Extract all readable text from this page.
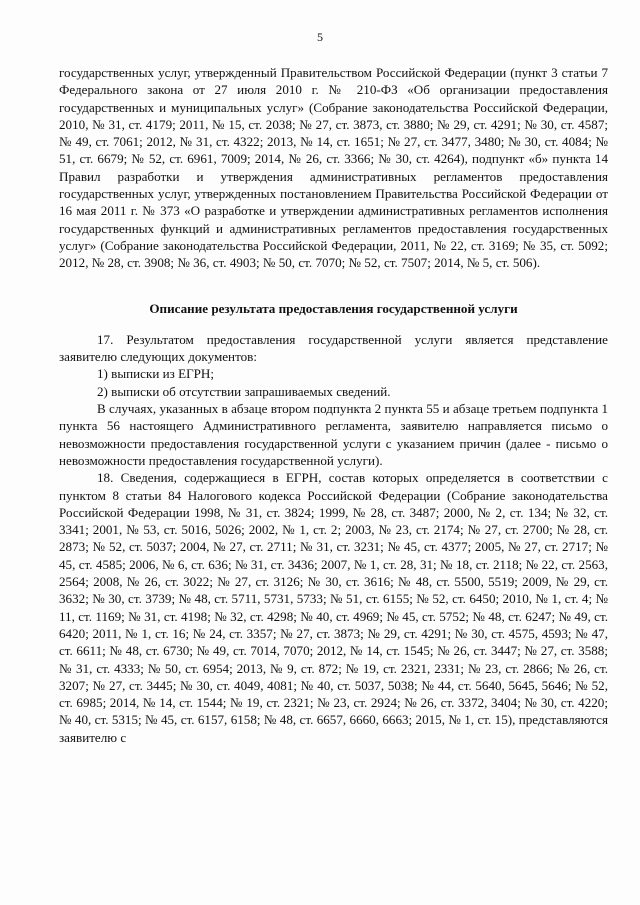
5

государственных услуг, утвержденный Правительством Российской Федерации (пункт 3 статьи 7 Федерального закона от 27 июля 2010 г. № 210-ФЗ «Об организации предоставления государственных и муниципальных услуг» (Собрание законодательства Российской Федерации, 2010, № 31, ст. 4179; 2011, № 15, ст. 2038; № 27, ст. 3873, ст. 3880; № 29, ст. 4291; № 30, ст. 4587; № 49, ст. 7061; 2012, № 31, ст. 4322; 2013, № 14, ст. 1651; № 27, ст. 3477, 3480; № 30, ст. 4084; № 51, ст. 6679; № 52, ст. 6961, 7009; 2014, № 26, ст. 3366; № 30, ст. 4264), подпункт «б» пункта 14 Правил разработки и утверждения административных регламентов предоставления государственных услуг, утвержденных постановлением Правительства Российской Федерации от 16 мая 2011 г. № 373 «О разработке и утверждении административных регламентов исполнения государственных функций и административных регламентов предоставления государственных услуг» (Собрание законодательства Российской Федерации, 2011, № 22, ст. 3169; № 35, ст. 5092; 2012, № 28, ст. 3908; № 36, ст. 4903; № 50, ст. 7070; № 52, ст. 7507; 2014, № 5, ст. 506).

Описание результата предоставления государственной услуги

17. Результатом предоставления государственной услуги является представление заявителю следующих документов:

1) выписки из ЕГРН;

2) выписки об отсутствии запрашиваемых сведений.

В случаях, указанных в абзаце втором подпункта 2 пункта 55 и абзаце третьем подпункта 1 пункта 56 настоящего Административного регламента, заявителю направляется письмо о невозможности предоставления государственной услуги с указанием причин (далее - письмо о невозможности предоставления государственной услуги).

18. Сведения, содержащиеся в ЕГРН, состав которых определяется в соответствии с пунктом 8 статьи 84 Налогового кодекса Российской Федерации (Собрание законодательства Российской Федерации 1998, № 31, ст. 3824; 1999, № 28, ст. 3487; 2000, № 2, ст. 134; № 32, ст. 3341; 2001, № 53, ст. 5016, 5026; 2002, № 1, ст. 2; 2003, № 23, ст. 2174; № 27, ст. 2700; № 28, ст. 2873; № 52, ст. 5037; 2004, № 27, ст. 2711; № 31, ст. 3231; № 45, ст. 4377; 2005, № 27, ст. 2717; № 45, ст. 4585; 2006, № 6, ст. 636; № 31, ст. 3436; 2007, № 1, ст. 28, 31; № 18, ст. 2118; № 22, ст. 2563, 2564; 2008, № 26, ст. 3022; № 27, ст. 3126; № 30, ст. 3616; № 48, ст. 5500, 5519; 2009, № 29, ст. 3632; № 30, ст. 3739; № 48, ст. 5711, 5731, 5733; № 51, ст. 6155; № 52, ст. 6450; 2010, № 1, ст. 4; № 11, ст. 1169; № 31, ст. 4198; № 32, ст. 4298; № 40, ст. 4969; № 45, ст. 5752; № 48, ст. 6247; № 49, ст. 6420; 2011, № 1, ст. 16; № 24, ст. 3357; № 27, ст. 3873; № 29, ст. 4291; № 30, ст. 4575, 4593; № 47, ст. 6611; № 48, ст. 6730; № 49, ст. 7014, 7070; 2012, № 14, ст. 1545; № 26, ст. 3447; № 27, ст. 3588; № 31, ст. 4333; № 50, ст. 6954; 2013, № 9, ст. 872; № 19, ст. 2321, 2331; № 23, ст. 2866; № 26, ст. 3207; № 27, ст. 3445; № 30, ст. 4049, 4081; № 40, ст. 5037, 5038; № 44, ст. 5640, 5645, 5646; № 52, ст. 6985; 2014, № 14, ст. 1544; № 19, ст. 2321; № 23, ст. 2924; № 26, ст. 3372, 3404; № 30, ст. 4220; № 40, ст. 5315; № 45, ст. 6157, 6158; № 48, ст. 6657, 6660, 6663; 2015, № 1, ст. 15), представляются заявителю с
